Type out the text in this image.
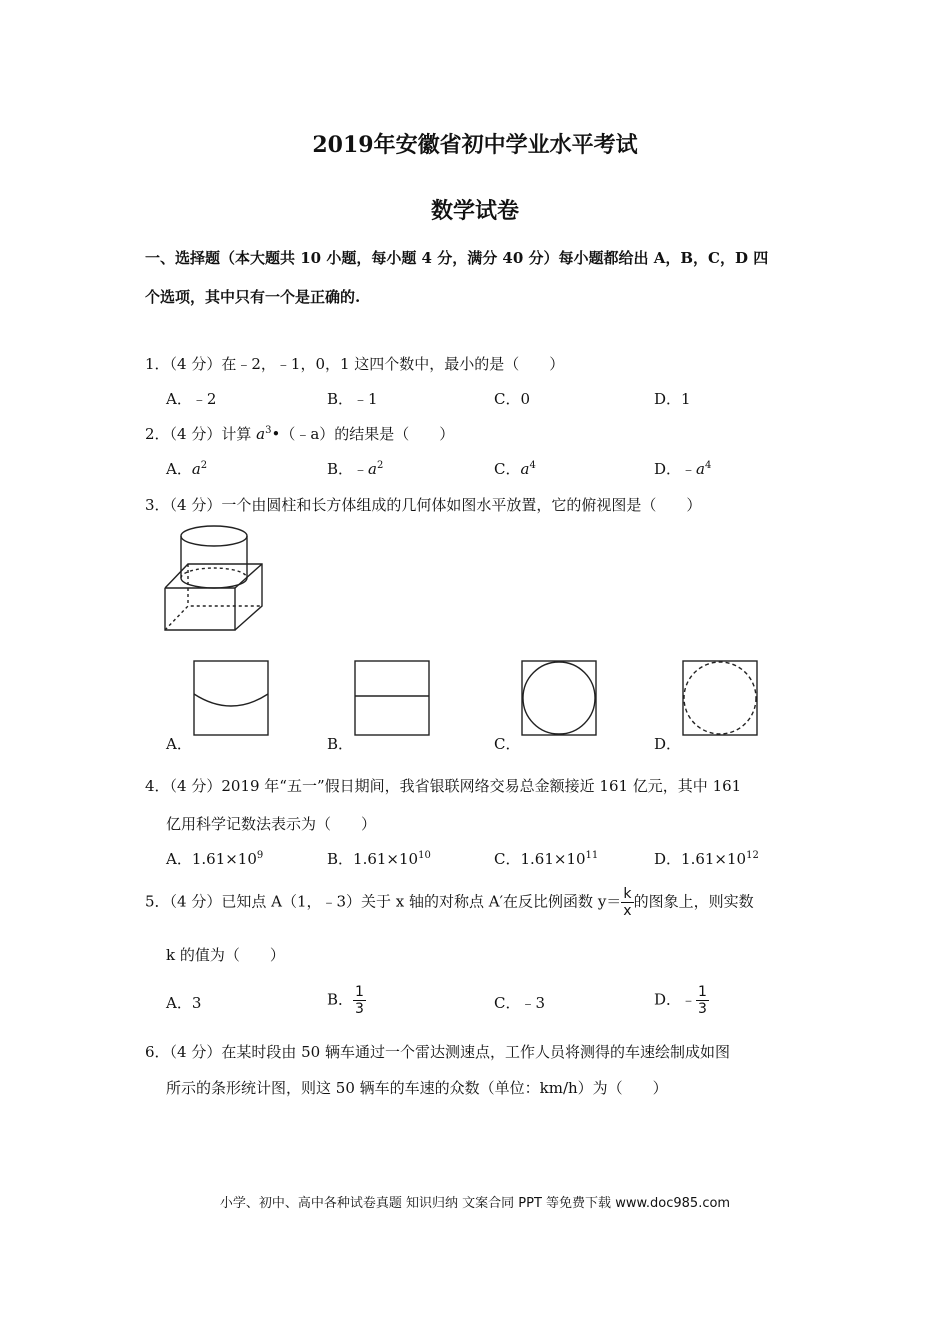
2019年安徽省初中学业水平考试
数学试卷
一、选择题（本大题共 10 小题，每小题 4 分，满分 40 分）每小题都给出 A，B，C，D 四
个选项，其中只有一个是正确的.
1．（4 分）在﹣2，﹣1，0，1 这四个数中，最小的是（　　）
A．﹣2	B．﹣1	C．0	D．1
2．（4 分）计算 $a^3•(﹣a)$的结果是（　　）
A．$a^2$	B．$﹣a^2$	C．$a^4$	D．$﹣a^4$
3．（4 分）一个由圆柱和长方体组成的几何体如图水平放置，它的俯视图是（　　）
A．	B．	C．	D．
4．（4 分）2019 年“五一”假日期间，我省银联网络交易总金额接近 161 亿元，其中 161
亿用科学记数法表示为（　　）
A．$1.61\times 10^9$	B．$1.61\times 10^{10}$	C．$1.61\times 10^{11}$	D．$1.61\times 10^{12}$
5．（4 分）已知点 A（1，﹣3）关于 x 轴的对称点 A′在反比例函数 $y= \frac{k}{x}$ 的图象上，则实数
k 的值为（　　）
A．3	B． $\frac{1}{3}$	C．﹣3	D．﹣ $\frac{1}{3}$
6．（4 分）在某时段由 50 辆车通过一个雷达测速点，工作人员将测得的车速绘制成如图
所示的条形统计图，则这 50 辆车的车速的众数（单位：km/h）为（　　）
小学、初中、高中各种试卷真题 知识归纳 文案合同 PPT 等免费下载 www.doc985.com
